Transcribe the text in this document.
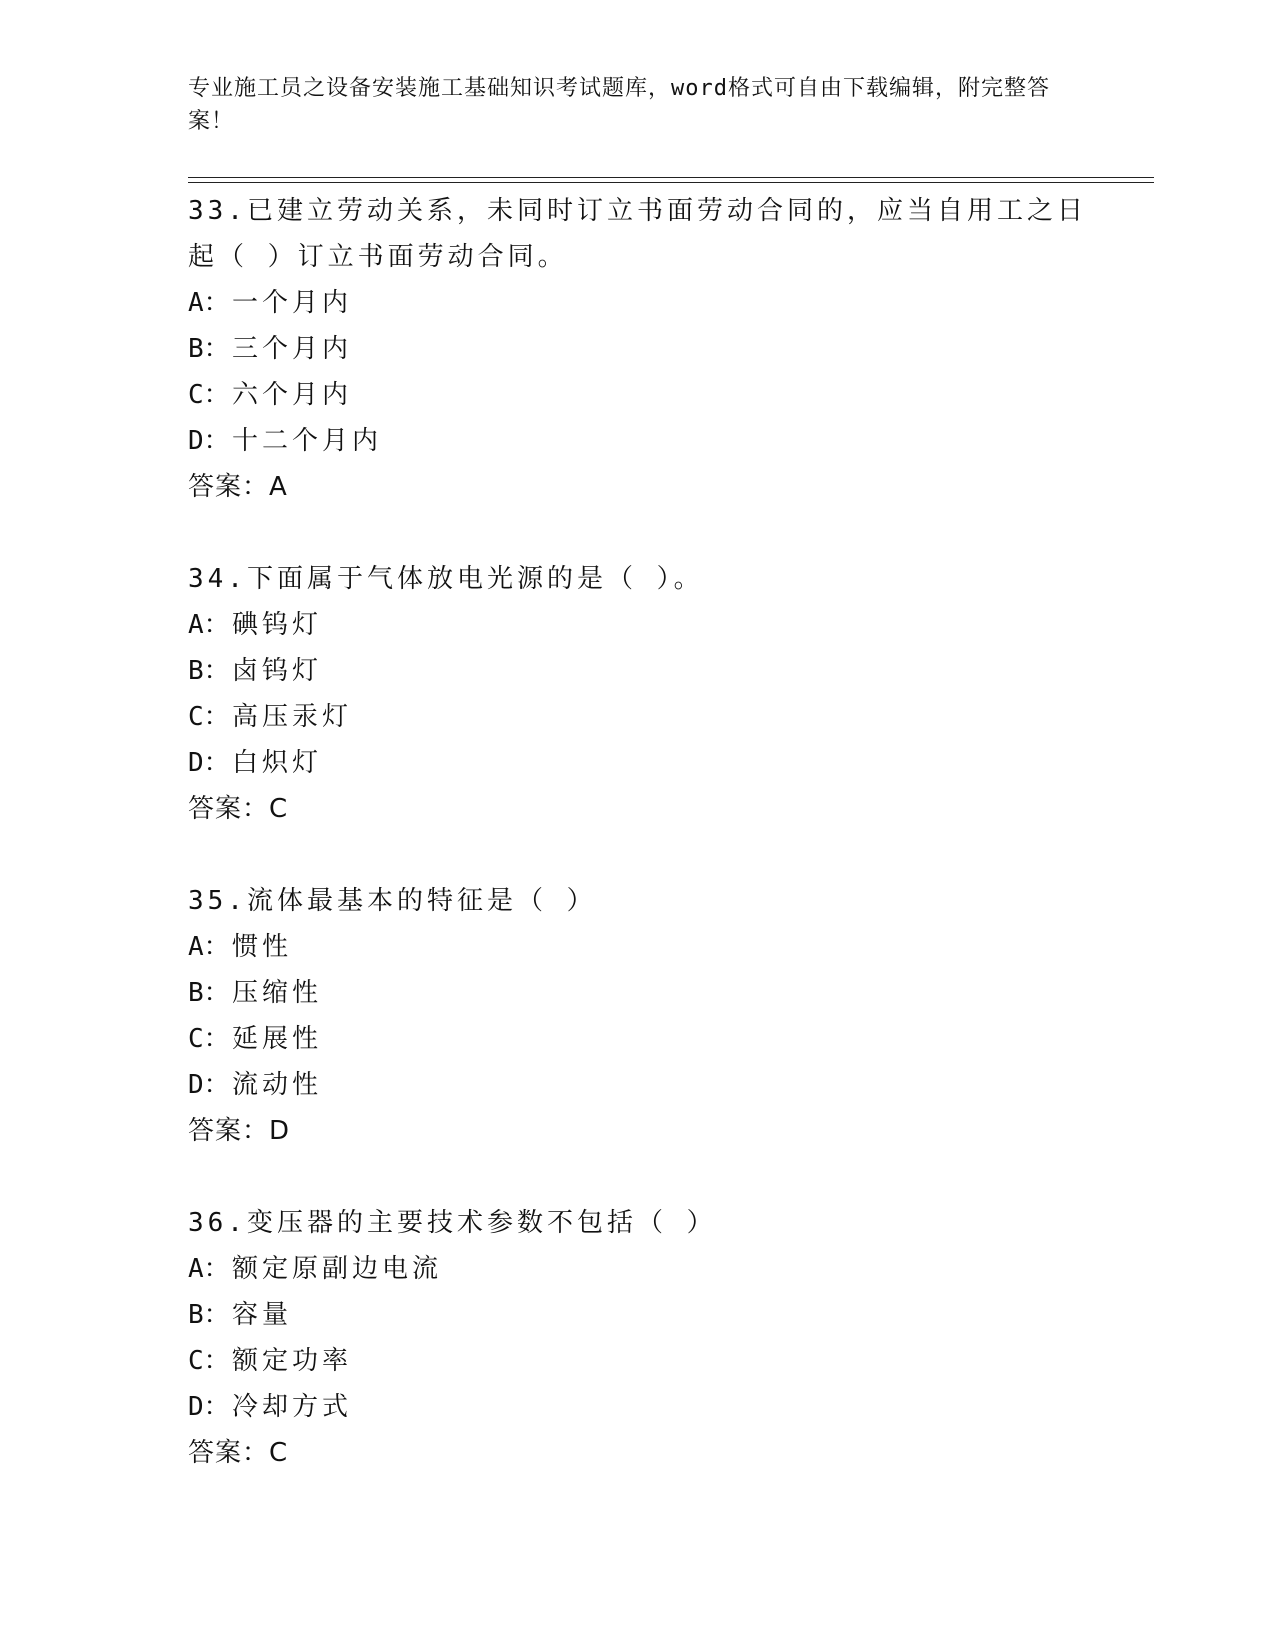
专业施工员之设备安装施工基础知识考试题库，word格式可自由下载编辑，附完整答案！

33.已建立劳动关系，未同时订立书面劳动合同的，应当自用工之日起（ ）订立书面劳动合同。

A： 一个月内
B： 三个月内
C： 六个月内
D： 十二个月内
答案：A

34.下面属于气体放电光源的是（ ）。

A： 碘钨灯
B： 卤钨灯
C： 高压汞灯
D： 白炽灯
答案：C

35.流体最基本的特征是（ ）

A： 惯性
B： 压缩性
C： 延展性
D： 流动性
答案：D

36.变压器的主要技术参数不包括（ ）

A： 额定原副边电流
B： 容量
C： 额定功率
D： 冷却方式
答案：C
